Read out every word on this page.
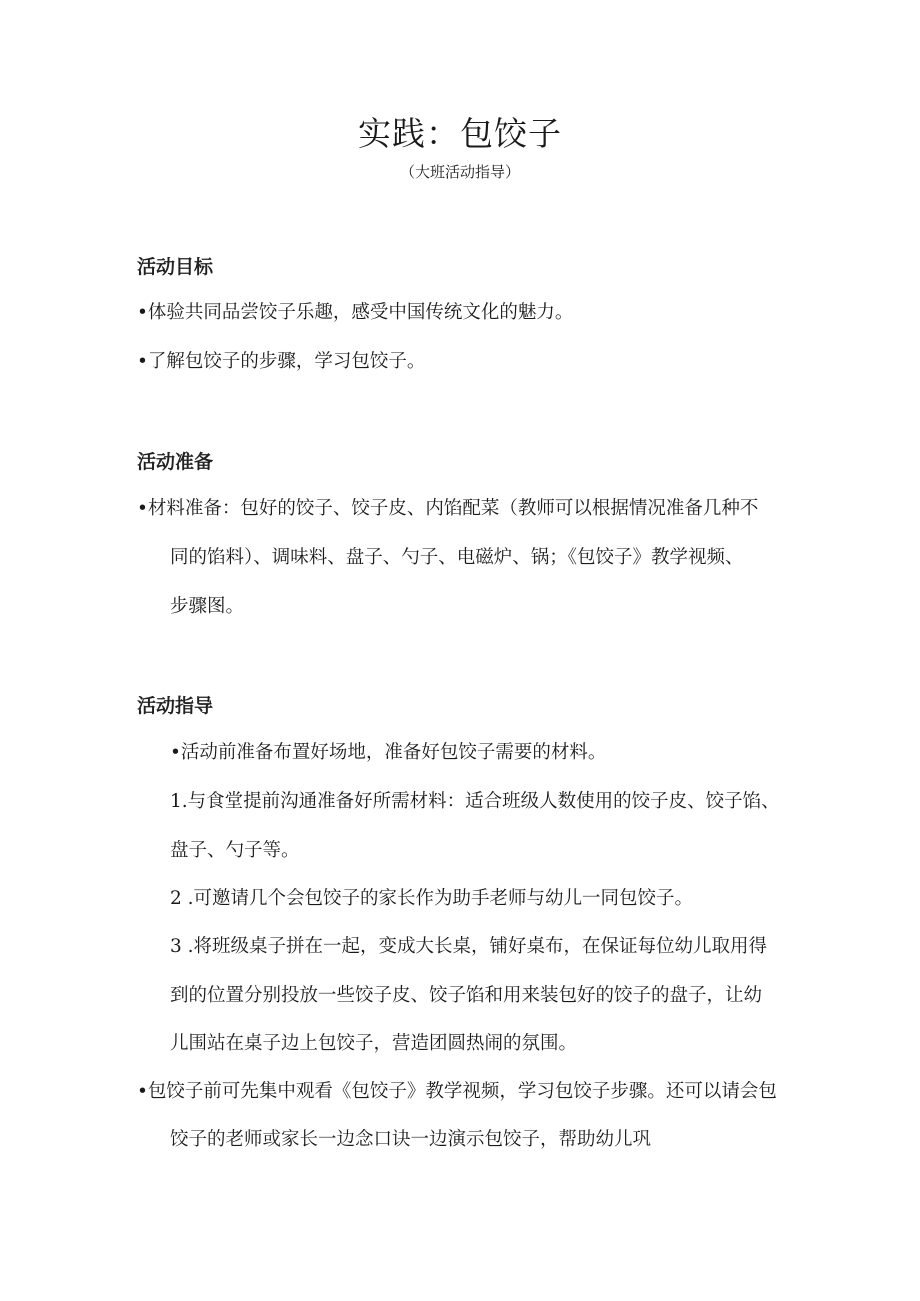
实践：包饺子
（大班活动指导）
活动目标
•体验共同品尝饺子乐趣，感受中国传统文化的魅力。
•了解包饺子的步骤，学习包饺子。
活动准备
•材料准备：包好的饺子、饺子皮、内馅配菜（教师可以根据情况准备几种不
同的馅料）、调味料、盘子、勺子、电磁炉、锅；《包饺子》教学视频、
步骤图。
活动指导
•活动前准备布置好场地，准备好包饺子需要的材料。
1.与食堂提前沟通准备好所需材料：适合班级人数使用的饺子皮、饺子馅、
盘子、勺子等。
2 .可邀请几个会包饺子的家长作为助手老师与幼儿一同包饺子。
3 .将班级桌子拼在一起，变成大长桌，铺好桌布，在保证每位幼儿取用得
到的位置分别投放一些饺子皮、饺子馅和用来装包好的饺子的盘子，让幼
儿围站在桌子边上包饺子，营造团圆热闹的氛围。
•包饺子前可先集中观看《包饺子》教学视频，学习包饺子步骤。还可以请会包
饺子的老师或家长一边念口诀一边演示包饺子，帮助幼儿巩
